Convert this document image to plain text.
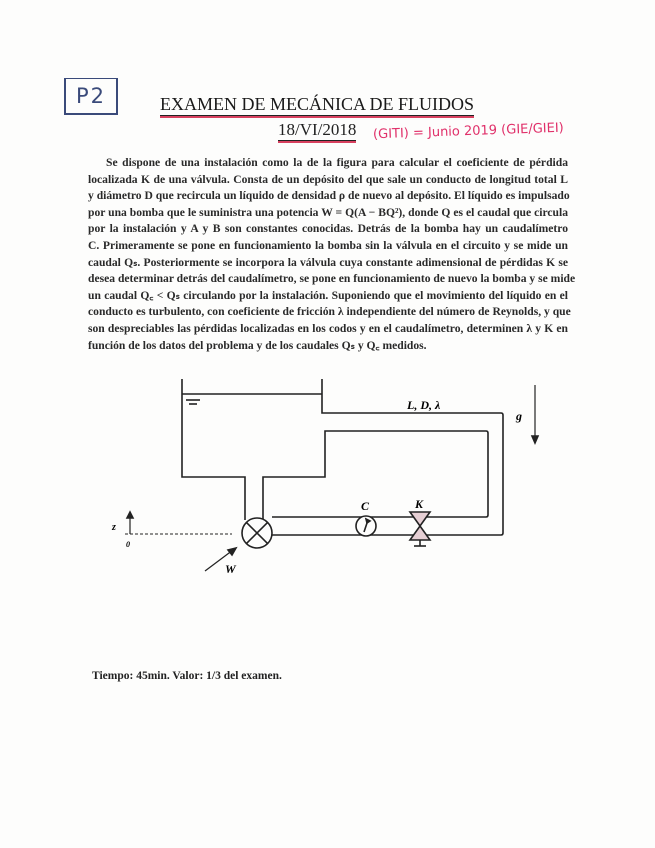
P2	EXAMEN DE MECÁNICA DE FLUIDOS
18/VI/2018 (GITI) = Junio 2019 (GIE/GIEI)
Se dispone de una instalación como la de la figura para calcular el coeficiente de pérdida
localizada K de una válvula. Consta de un depósito del que sale un conducto de longitud total L
y diámetro D que recircula un líquido de densidad ρ de nuevo al depósito. El líquido es impulsado
por una bomba que le suministra una potencia W = Q(A − BQ²), donde Q es el caudal que circula
por la instalación y A y B son constantes conocidas. Detrás de la bomba hay un caudalímetro
C. Primeramente se pone en funcionamiento la bomba sin la válvula en el circuito y se mide un
caudal Qₛ. Posteriormente se incorpora la válvula cuya constante adimensional de pérdidas K se
desea determinar detrás del caudalímetro, se pone en funcionamiento de nuevo la bomba y se mide
un caudal Q꜀ < Qₛ circulando por la instalación. Suponiendo que el movimiento del líquido en el
conducto es turbulento, con coeficiente de fricción λ independiente del número de Reynolds, y que
son despreciables las pérdidas localizadas en los codos y en el caudalímetro, determinen λ y K en
función de los datos del problema y de los caudales Qₛ y Q꜀ medidos.
L, D, λ
g
C	K
W
z
0
Tiempo: 45min. Valor: 1/3 del examen.
